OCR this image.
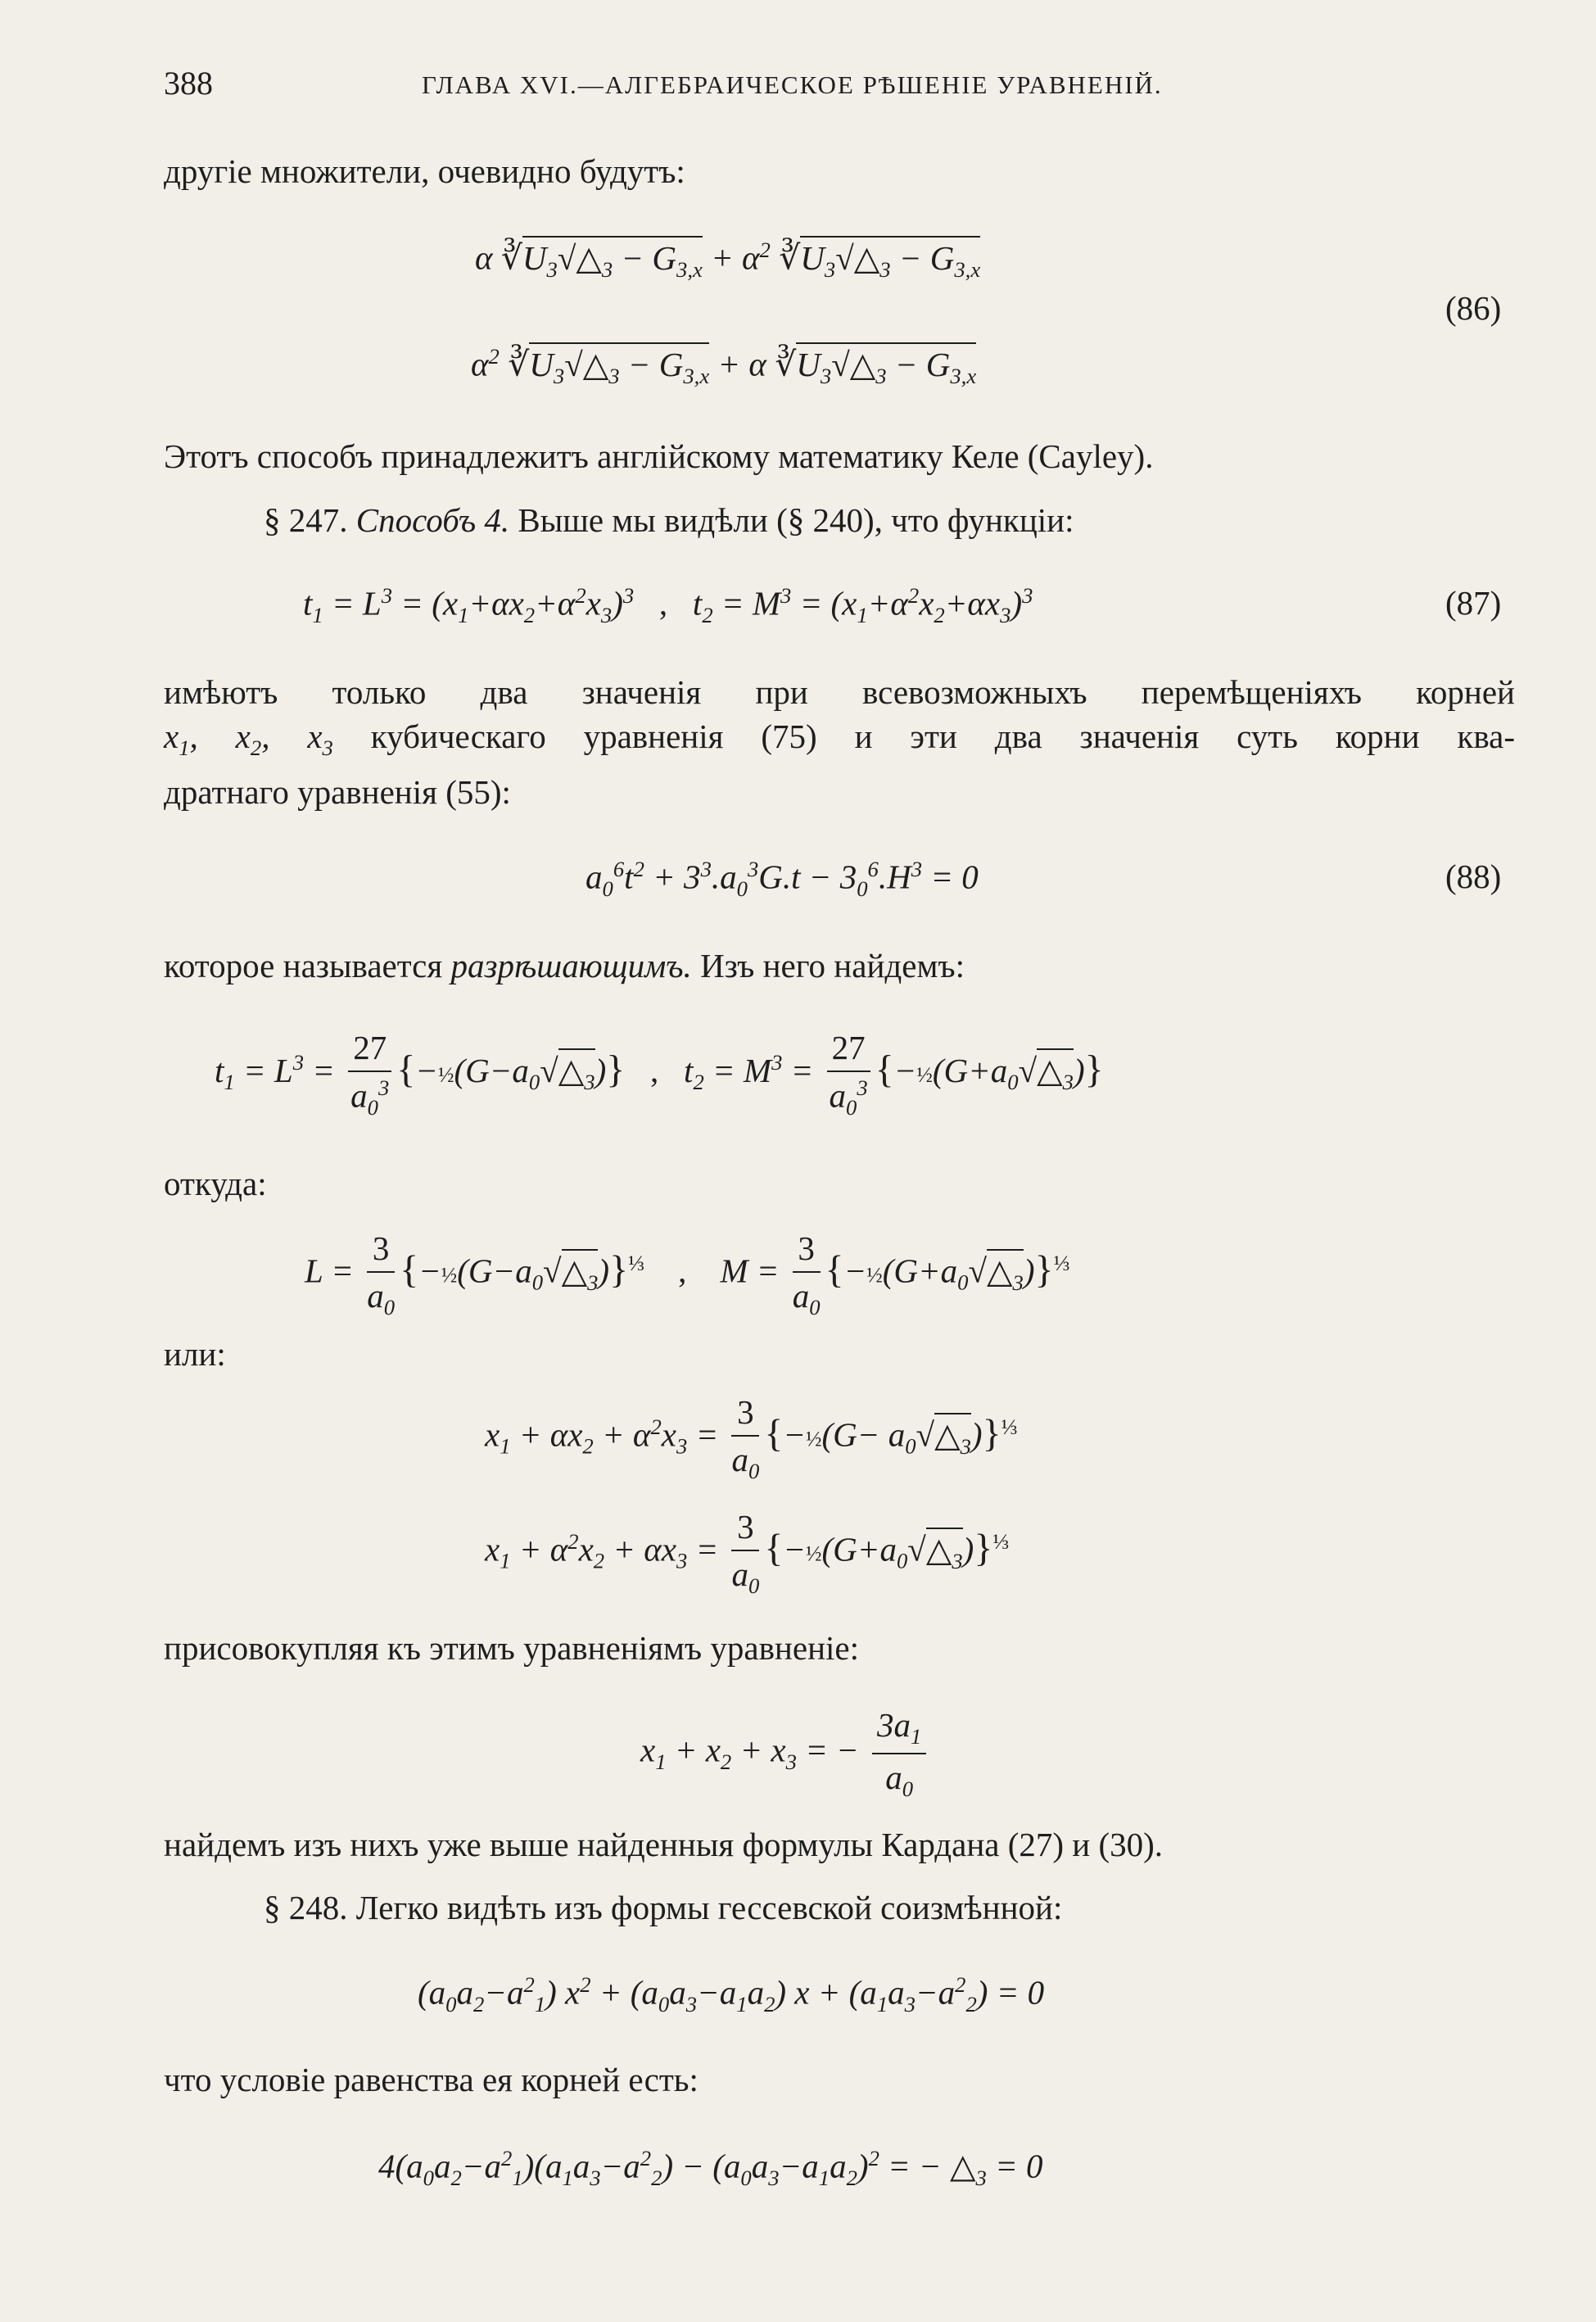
388	ГЛАВА XVI.—АЛГЕБРАИЧЕСКОЕ РѢШЕНІЕ УРАВНЕНІЙ.
другіе множители, очевидно будутъ:
α $∛U_3√\triangle_3 - G_{3,x} + \alpha^2$ $∛U_3√\triangle_3 - G_{3,x}$
$\alpha^2$ $∛U_3√\triangle_3 - G_{3,x} + \alpha$ $∛U_3√\triangle_3 - G_{3,x}$
(86)
Этотъ способъ принадлежитъ англійскому математику Келе (Cayley).
§ 247. Способъ 4. Выше мы видѣли (§ 240), что функціи:
$t_1 = L^3 = (x_1+\alpha x_2+\alpha^2x_3)^3$ ,   $t_2 = M^3 = (x_1+\alpha^2x_2+\alpha x_3)^3$	(87)
имѣютъ только два значенія при всевозможныхъ перемѣщеніяхъ корней
$x_1$, $x_2$, $x_3$ кубическаго уравненія (75) и эти два значенія суть корни ква-
дратнаго уравненія (55):
$a_0^6t^2 + 3^3.a_0^3G.t - 3_0^6.H^3 = 0$	(88)
которое называется разрѣшающимъ. Изъ него найдемъ:
$t_1 = L^3 = \frac{27}{a_0^3}$ $\{-\frac{1}{2}(G-a_0√\triangle_3)\}$ ,   $t_2 = M^3 = \frac{27}{a_0^3}$ $\{-\frac{1}{2}(G+a_0√\triangle_3)\}$
откуда:
$L = \frac{3}{a_0}$ $\{-\frac{1}{2}(G-a_0√\triangle_3)\}^{\frac{1}{3}}$ ,    $M = \frac{3}{a_0}$ $\{-\frac{1}{2}(G+a_0√\triangle_3)\}^{\frac{1}{3}}$
или:
$x_1 + \alpha x_2 + \alpha^2x_3 = \frac{3}{a_0}$ {−½(G− $a_0√\triangle_3)\}^{\frac{1}{3}}$
$x_1 + \alpha^2x_2 + \alpha x_3 = \frac{3}{a_0}$ $\{-\frac{1}{2}(G+a_0√\triangle_3)\}^{\frac{1}{3}}$
присовокупляя къ этимъ уравненіямъ уравненіе:
$x_1 + x_2 + x_3$ = − $\frac{3a_1}{a_0}$
найдемъ изъ нихъ уже выше найденныя формулы Кардана (27) и (30).
§ 248. Легко видѣть изъ формы гессевской соизмѣнной:
$(a_0a_2-a^2_1) x^2 + (a_0a_3-a_1a_2) x + (a_1a_3-a^2_2) = 0$
что условіе равенства ея корней есть:
$4(a_0a_2-a^2_1)(a_1a_3-a^2_2) - (a_0a_3-a_1a_2)^2$ = − $\triangle_3 = 0$
